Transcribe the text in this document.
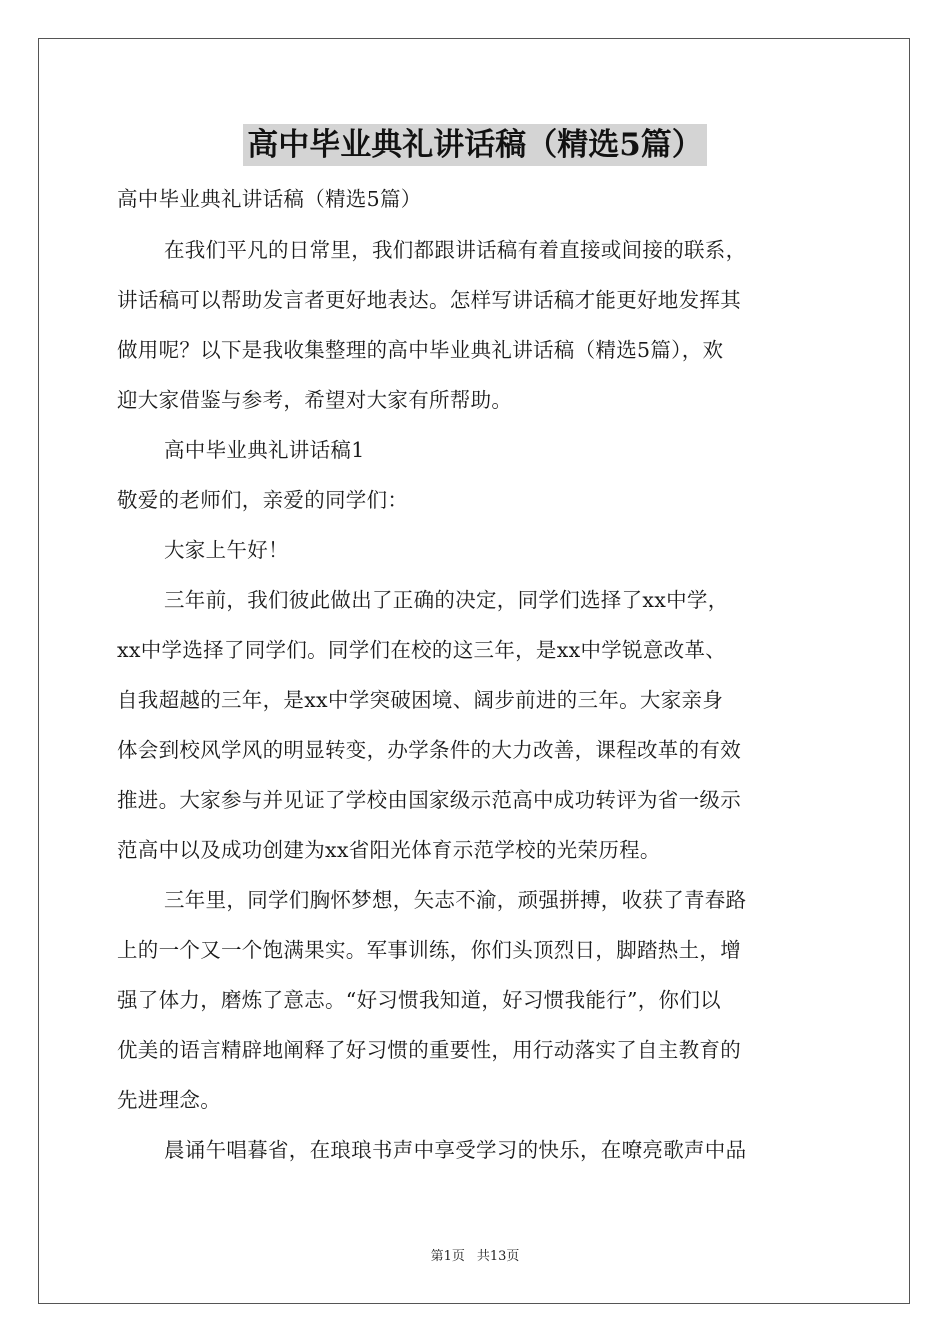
高中毕业典礼讲话稿（精选5篇）
高中毕业典礼讲话稿（精选5篇）
在我们平凡的日常里，我们都跟讲话稿有着直接或间接的联系，
讲话稿可以帮助发言者更好地表达。怎样写讲话稿才能更好地发挥其
做用呢？以下是我收集整理的高中毕业典礼讲话稿（精选5篇），欢
迎大家借鉴与参考，希望对大家有所帮助。
高中毕业典礼讲话稿1
敬爱的老师们，亲爱的同学们：
大家上午好！
三年前，我们彼此做出了正确的决定，同学们选择了xx中学，
xx中学选择了同学们。同学们在校的这三年，是xx中学锐意改革、
自我超越的三年，是xx中学突破困境、阔步前进的三年。大家亲身
体会到校风学风的明显转变，办学条件的大力改善，课程改革的有效
推进。大家参与并见证了学校由国家级示范高中成功转评为省一级示
范高中以及成功创建为xx省阳光体育示范学校的光荣历程。
三年里，同学们胸怀梦想，矢志不渝，顽强拼搏，收获了青春路
上的一个又一个饱满果实。军事训练，你们头顶烈日，脚踏热土，增
强了体力，磨炼了意志。“好习惯我知道，好习惯我能行”，你们以
优美的语言精辟地阐释了好习惯的重要性，用行动落实了自主教育的
先进理念。
晨诵午唱暮省，在琅琅书声中享受学习的快乐，在嘹亮歌声中品
第1页 共13页
